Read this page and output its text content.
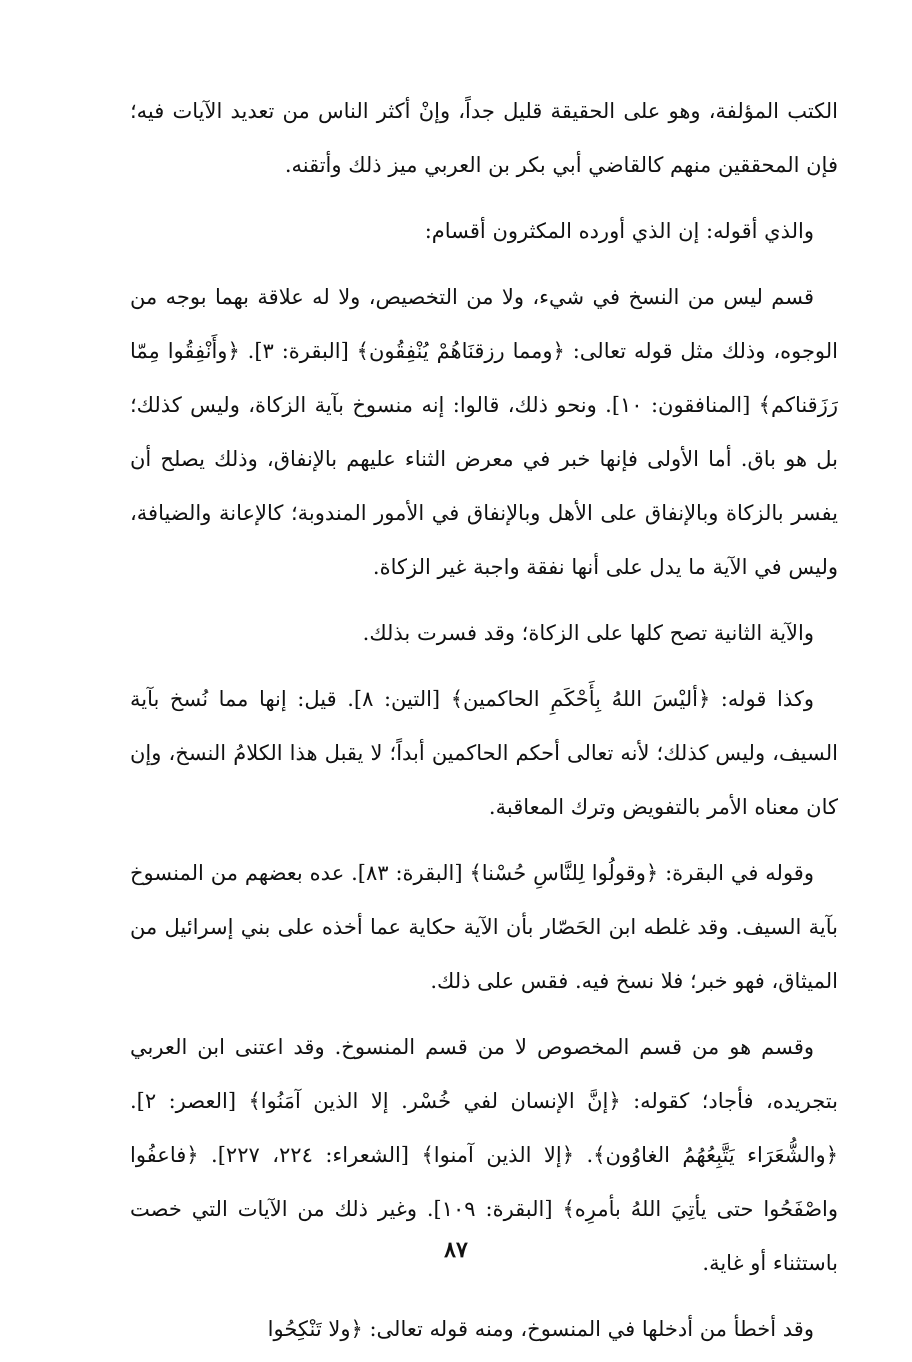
الكتب المؤلفة، وهو على الحقيقة قليل جداً، وإنْ أكثر الناس من تعديد الآيات فيه؛ فإن المحققين منهم كالقاضي أبي بكر بن العربي ميز ذلك وأتقنه.

والذي أقوله: إن الذي أورده المكثرون أقسام:

قسم ليس من النسخ في شيء، ولا من التخصيص، ولا له علاقة بهما بوجه من الوجوه، وذلك مثل قوله تعالى: ﴿ومما رزقنَاهُمْ يُنْفِقُون﴾ [البقرة: ٣]. ﴿وأَنْفِقُوا مِمّا رَزَقناكم﴾ [المنافقون: ١٠]. ونحو ذلك، قالوا: إنه منسوخ بآية الزكاة، وليس كذلك؛ بل هو باق. أما الأولى فإنها خبر في معرض الثناء عليهم بالإنفاق، وذلك يصلح أن يفسر بالزكاة وبالإنفاق على الأهل وبالإنفاق في الأمور المندوبة؛ كالإعانة والضيافة، وليس في الآية ما يدل على أنها نفقة واجبة غير الزكاة.

والآية الثانية تصح كلها على الزكاة؛ وقد فسرت بذلك.

وكذا قوله: ﴿أليْسَ اللهُ بِأَحْكَمِ الحاكمين﴾ [التين: ٨]. قيل: إنها مما نُسخ بآية السيف، وليس كذلك؛ لأنه تعالى أحكم الحاكمين أبداً؛ لا يقبل هذا الكلامُ النسخ، وإن كان معناه الأمر بالتفويض وترك المعاقبة.

وقوله في البقرة: ﴿وقولُوا لِلنَّاسِ حُسْنا﴾ [البقرة: ٨٣]. عده بعضهم من المنسوخ بآية السيف. وقد غلطه ابن الحَصّار بأن الآية حكاية عما أخذه على بني إسرائيل من الميثاق، فهو خبر؛ فلا نسخ فيه. فقس على ذلك.

وقسم هو من قسم المخصوص لا من قسم المنسوخ. وقد اعتنى ابن العربي بتجريده، فأجاد؛ كقوله: ﴿إنَّ الإنسان لفي خُسْر. إلا الذين آمَنُوا﴾ [العصر: ٢]. ﴿والشُّعَرَاء يَتَّبِعُهُمُ الغاوُون﴾. ﴿إلا الذين آمنوا﴾ [الشعراء: ٢٢٤، ٢٢٧]. ﴿فاعفُوا واصْفَحُوا حتى يأتِيَ اللهُ بأمرِه﴾ [البقرة: ١٠٩]. وغير ذلك من الآيات التي خصت باستثناء أو غاية.

وقد أخطأ من أدخلها في المنسوخ، ومنه قوله تعالى: ﴿ولا تَنْكِحُوا

٨٧
